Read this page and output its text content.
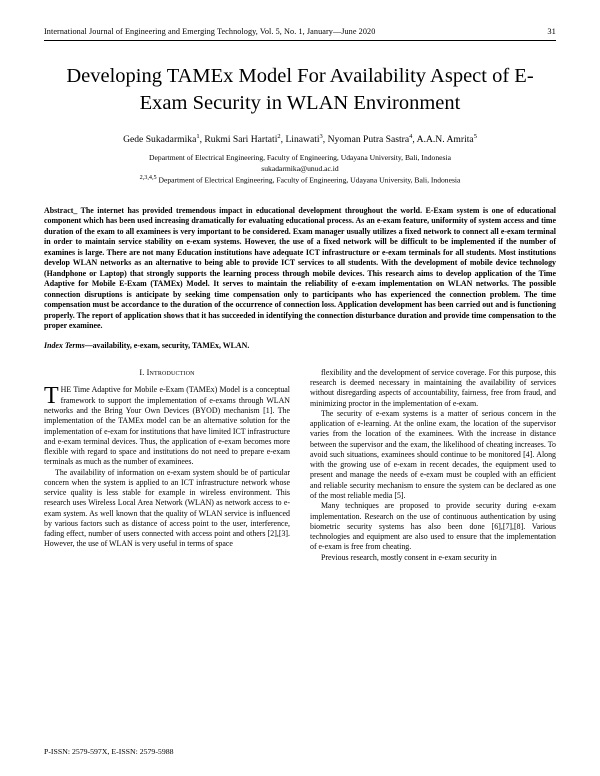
International Journal of Engineering and Emerging Technology, Vol. 5, No. 1, January—June 2020	31
Developing TAMEx Model For Availability Aspect of E-Exam Security in WLAN Environment
Gede Sukadarmika$^1$, Rukmi Sari Hartati$^2$, Linawati$^3$, Nyoman Putra Sastra$^4$, A.A.N. Amrita$^5$
Department of Electrical Engineering, Faculty of Engineering, Udayana University, Bali, Indonesia
sukadarmika@unud.ac.id
$^{2,3,4,5}$ Department of Electrical Engineering, Faculty of Engineering, Udayana University, Bali, Indonesia
Abstract_ The internet has provided tremendous impact in educational development throughout the world. E-Exam system is one of educational component which has been used increasing dramatically for evaluating educational process. As an e-exam feature, uniformity of system access and time duration of the exam to all examinees is very important to be considered. Exam manager usually utilizes a fixed network to connect all e-exam terminal in order to maintain service stability on e-exam systems. However, the use of a fixed network will be difficult to be implemented if the number of examines is large. There are not many Education institutions have adequate ICT infrastructure or e-exam terminals for all students. Most institutions develop WLAN networks as an alternative to being able to provide ICT services to all students. With the development of mobile device technology (Handphone or Laptop) that strongly supports the learning process through mobile devices. This research aims to develop application of the Time Adaptive for Mobile E-Exam (TAMEx) Model. It serves to maintain the reliability of e-exam implementation on WLAN networks. The possible connection disruptions is anticipate by seeking time compensation only to participants who has experienced the connection problem. The time compensation must be accordance to the duration of the occurrence of connection loss. Application development has been carried out and is functioning properly. The report of application shows that it has succeeded in identifying the connection disturbance duration and provide time compensation to the proper examinee.
Index Terms—availability, e-exam, security, TAMEx, WLAN.
I. Introduction

THE Time Adaptive for Mobile e-Exam (TAMEx) Model is a conceptual framework to support the implementation of e-exams through WLAN networks and the Bring Your Own Devices (BYOD) mechanism [1]. The implementation of the TAMEx model can be an alternative solution for the implementation of e-exam for institutions that have limited ICT infrastructure and e-exam terminal devices. Thus, the application of e-exam becomes more flexible with regard to space and institutions do not need to prepare e-exam terminals as much as the number of examinees.

The availability of information on e-exam system should be of particular concern when the system is applied to an ICT infrastructure network whose service quality is less stable for example in wireless environment. This research uses Wireless Local Area Network (WLAN) as network access to e-exam system. As well known that the quality of WLAN service is influenced by various factors such as distance of access point to the user, interference, fading effect, number of users connected with access point and others [2],[3]. However, the use of WLAN is very useful in terms of space

flexibility and the development of service coverage. For this purpose, this research is deemed necessary in maintaining the availability of services without disregarding aspects of accountability, fairness, free from fraud, and minimizing proctor in the implementation of e-exam.

The security of e-exam systems is a matter of serious concern in the application of e-learning. At the online exam, the location of the supervisor varies from the location of the examinees. With the increase in distance between the supervisor and the exam, the likelihood of cheating increases. To avoid such situations, examinees should continue to be monitored [4]. Along with the growing use of e-exam in recent decades, the equipment used to present and manage the needs of e-exam must be coupled with an efficient and reliable security mechanism to ensure the system can be declared as one of the most reliable media [5].

Many techniques are proposed to provide security during e-exam implementation. Research on the use of continuous authentication by using biometric security systems has also been done [6],[7],[8]. Various technologies and equipment are also used to ensure that the implementation of e-exam is free from cheating.

Previous research, mostly consent in e-exam security in

P-ISSN: 2579-597X, E-ISSN: 2579-5988
